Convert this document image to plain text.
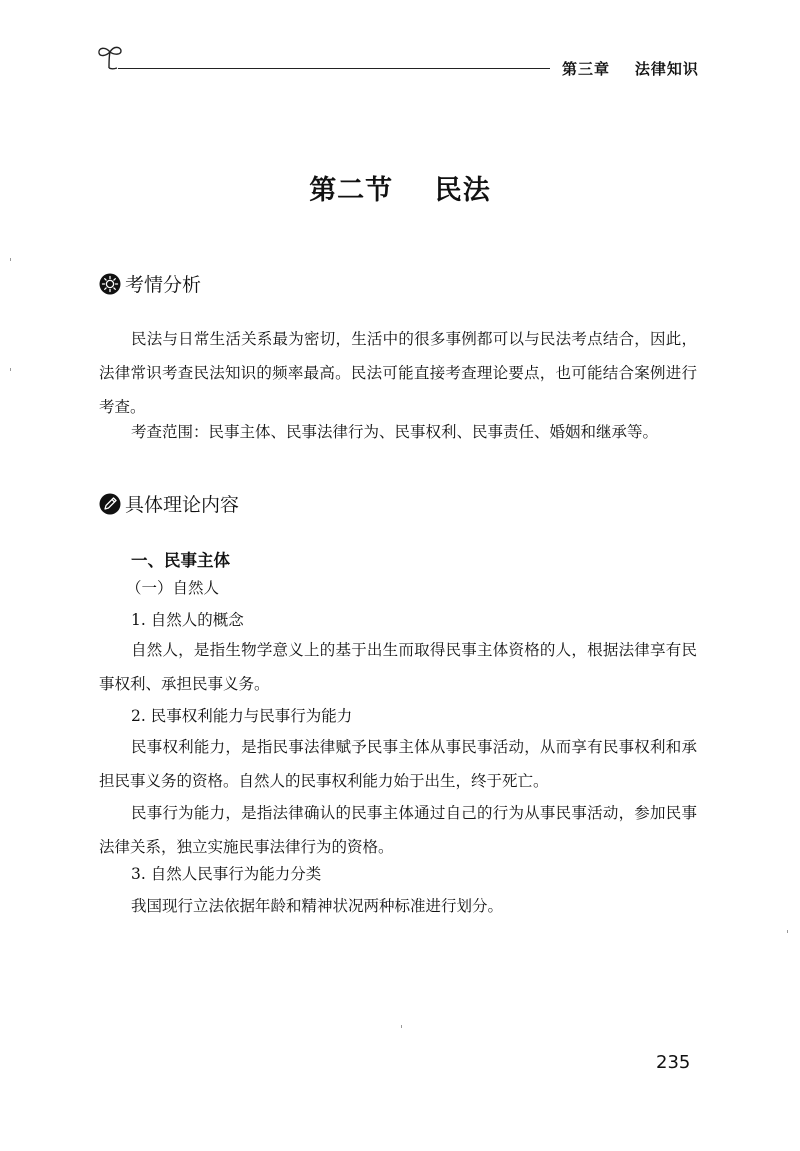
第三章    法律知识
第二节    民法
考情分析

民法与日常生活关系最为密切，生活中的很多事例都可以与民法考点结合，因此，法律常识考查民法知识的频率最高。民法可能直接考查理论要点，也可能结合案例进行考查。

考查范围：民事主体、民事法律行为、民事权利、民事责任、婚姻和继承等。
具体理论内容
一、民事主体
（一）自然人
1. 自然人的概念

自然人，是指生物学意义上的基于出生而取得民事主体资格的人，根据法律享有民事权利、承担民事义务。

2. 民事权利能力与民事行为能力

民事权利能力，是指民事法律赋予民事主体从事民事活动，从而享有民事权利和承担民事义务的资格。自然人的民事权利能力始于出生，终于死亡。

民事行为能力，是指法律确认的民事主体通过自己的行为从事民事活动，参加民事法律关系，独立实施民事法律行为的资格。

3. 自然人民事行为能力分类
我国现行立法依据年龄和精神状况两种标准进行划分。
235
